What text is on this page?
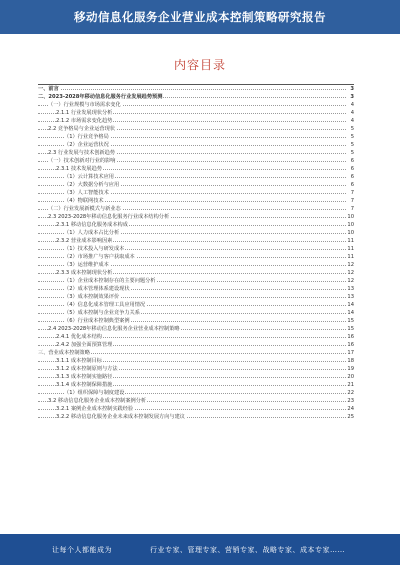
移动信息化服务企业营业成本控制策略研究报告
内容目录
一、前言	3
二、2023-2028年移动信息化服务行业发展趋势预测	3
（一）行业规模与市场需求变化	4
2.1.1 行业发展现状分析	4
2.1.2 市场需求变化趋势	4
2.2 竞争格局与企业运营现状	5
（1）行业竞争格局	5
（2）企业运营状况	5
2.3 行业发展与技术创新趋势	5
（一）技术创新对行业的影响	6
2.3.1 技术发展趋势	6
（1）云计算技术应用	6
（2）大数据分析与应用	6
（3）人工智能技术	7
（4）物联网技术	7
（二）行业发展新模式与新业态	7
2.3 2023-2028年移动信息化服务行业成本结构分析	10
2.3.1 移动信息化服务成本构成	10
（1）人力成本占比分析	10
2.3.2 营业成本影响因素	11
（1）技术投入与研发成本	11
（2）市场推广与客户获取成本	11
（3）运营维护成本	12
2.3.3 成本控制现状分析	12
（1）企业成本控制存在的主要问题分析	12
（2）成本管理体系建设现状	13
（3）成本控制效果评价	13
（4）信息化成本管理工具应用情况	14
（5）成本控制与企业竞争力关系	14
（6）行业成本控制典型案例	15
2.4 2023-2028年移动信息化服务企业营业成本控制策略	15
2.4.1 优化成本结构	16
2.4.2 加强全面预算管理	16
三、营业成本控制策略	17
3.1.1 成本控制目标	18
3.1.2 成本控制原则与方法	19
3.1.3 成本控制实施路径	20
3.1.4 成本控制保障措施	21
（1）组织保障与制度建设	22
3.2 移动信息化服务企业成本控制案例分析	23
3.2.1 案例企业成本控制实践经验	24
3.2.2 移动信息化服务企业未来成本控制发展方向与建议	25
让每个人都能成为	行业专家、管理专家、营销专家、战略专家、成本专家……
